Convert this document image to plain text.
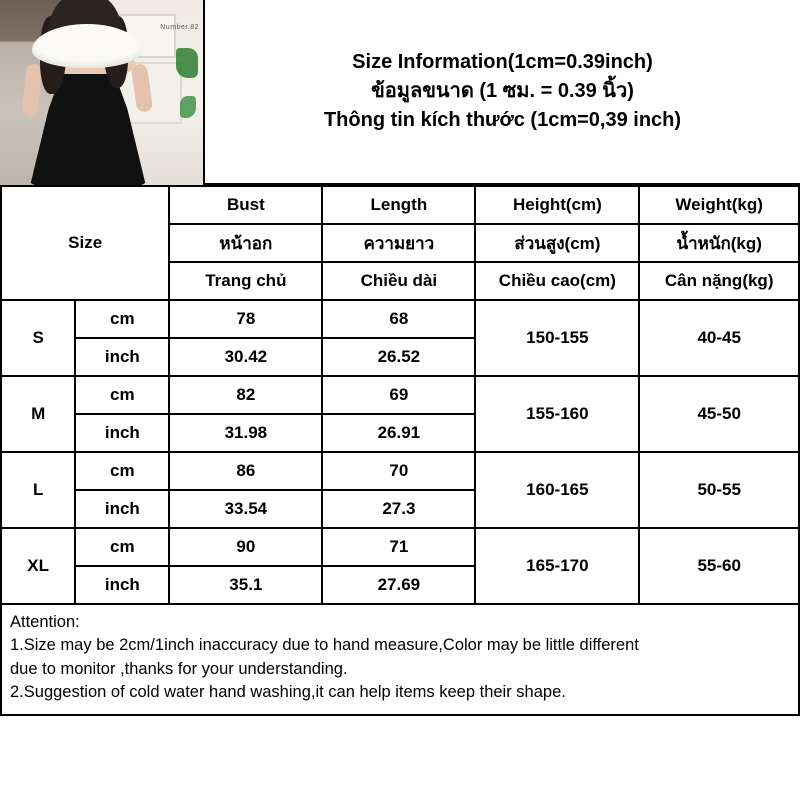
Number.82
Size Information(1cm=0.39inch)
ข้อมูลขนาด (1 ซม. = 0.39 นิ้ว)
Thông tin kích thước (1cm=0,39 inch)
Size		Bust	Length	Height(cm)	Weight(kg)
		หน้าอก	ความยาว	ส่วนสูง(cm)	น้ำหนัก(kg)
		Trang chủ	Chiều dài	Chiều cao(cm)	Cân nặng(kg)
S	cm	78	68	150-155	40-45
	inch	30.42	26.52		
M	cm	82	69	155-160	45-50
	inch	31.98	26.91		
L	cm	86	70	160-165	50-55
	inch	33.54	27.3		
XL	cm	90	71	165-170	55-60
	inch	35.1	27.69		

Attention:

1.Size may be 2cm/1inch inaccuracy due to hand measure,Color may be little different

due to monitor ,thanks for your understanding.

2.Suggestion of cold water hand washing,it can help items keep their shape.
